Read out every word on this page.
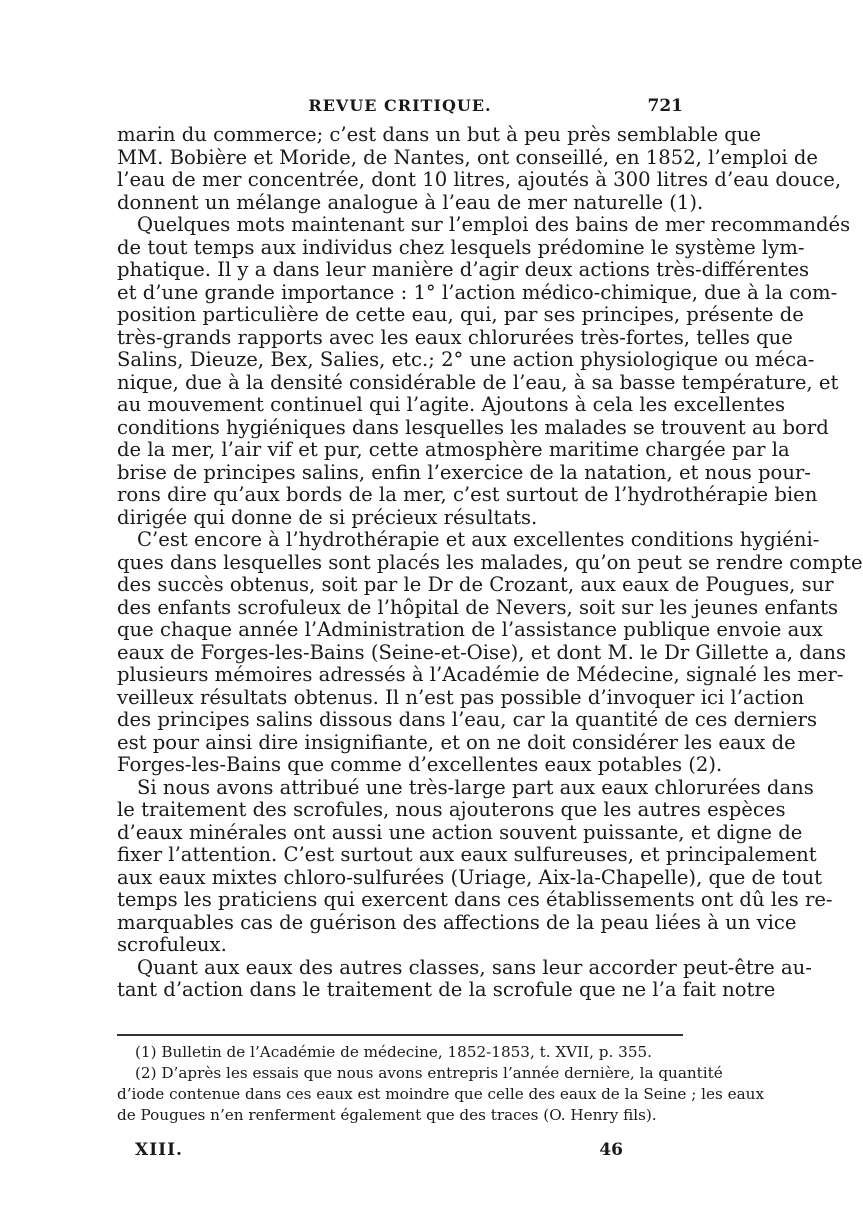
REVUE CRITIQUE.	721
marin du commerce; c’est dans un but à peu près semblable que
MM. Bobière et Moride, de Nantes, ont conseillé, en 1852, l’emploi de
l’eau de mer concentrée, dont 10 litres, ajoutés à 300 litres d’eau douce,
donnent un mélange analogue à l’eau de mer naturelle (1).
Quelques mots maintenant sur l’emploi des bains de mer recommandés
de tout temps aux individus chez lesquels prédomine le système lym-
phatique. Il y a dans leur manière d’agir deux actions très-différentes
et d’une grande importance : 1° l’action médico-chimique, due à la com-
position particulière de cette eau, qui, par ses principes, présente de
très-grands rapports avec les eaux chlorurées très-fortes, telles que
Salins, Dieuze, Bex, Salies, etc.; 2° une action physiologique ou méca-
nique, due à la densité considérable de l’eau, à sa basse température, et
au mouvement continuel qui l’agite. Ajoutons à cela les excellentes
conditions hygiéniques dans lesquelles les malades se trouvent au bord
de la mer, l’air vif et pur, cette atmosphère maritime chargée par la
brise de principes salins, enfin l’exercice de la natation, et nous pour-
rons dire qu’aux bords de la mer, c’est surtout de l’hydrothérapie bien
dirigée qui donne de si précieux résultats.
C’est encore à l’hydrothérapie et aux excellentes conditions hygiéni-
ques dans lesquelles sont placés les malades, qu’on peut se rendre compte
des succès obtenus, soit par le Dr de Crozant, aux eaux de Pougues, sur
des enfants scrofuleux de l’hôpital de Nevers, soit sur les jeunes enfants
que chaque année l’Administration de l’assistance publique envoie aux
eaux de Forges-les-Bains (Seine-et-Oise), et dont M. le Dr Gillette a, dans
plusieurs mémoires adressés à l’Académie de Médecine, signalé les mer-
veilleux résultats obtenus. Il n’est pas possible d’invoquer ici l’action
des principes salins dissous dans l’eau, car la quantité de ces derniers
est pour ainsi dire insignifiante, et on ne doit considérer les eaux de
Forges-les-Bains que comme d’excellentes eaux potables (2).
Si nous avons attribué une très-large part aux eaux chlorurées dans
le traitement des scrofules, nous ajouterons que les autres espèces
d’eaux minérales ont aussi une action souvent puissante, et digne de
fixer l’attention. C’est surtout aux eaux sulfureuses, et principalement
aux eaux mixtes chloro-sulfurées (Uriage, Aix-la-Chapelle), que de tout
temps les praticiens qui exercent dans ces établissements ont dû les re-
marquables cas de guérison des affections de la peau liées à un vice
scrofuleux.
Quant aux eaux des autres classes, sans leur accorder peut-être au-
tant d’action dans le traitement de la scrofule que ne l’a fait notre
(1) Bulletin de l’Académie de médecine, 1852-1853, t. XVII, p. 355.
(2) D’après les essais que nous avons entrepris l’année dernière, la quantité
d’iode contenue dans ces eaux est moindre que celle des eaux de la Seine ; les eaux
de Pougues n’en renferment également que des traces (O. Henry fils).
XIII.	46
